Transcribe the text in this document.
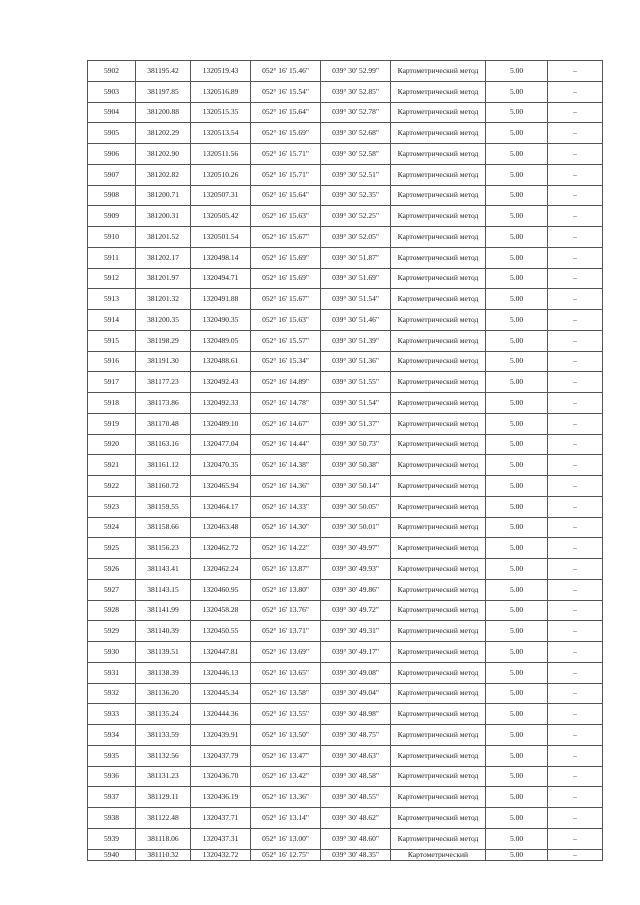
5902	381195.42	1320519.43	052° 16' 15.46"	039° 30' 52.99"	Картометрический метод	5.00	–
5903	381197.85	1320516.89	052° 16' 15.54"	039° 30' 52.85"	Картометрический метод	5.00	–
5904	381200.88	1320515.35	052° 16' 15.64"	039° 30' 52.78"	Картометрический метод	5.00	–
5905	381202.29	1320513.54	052° 16' 15.69"	039° 30' 52.68"	Картометрический метод	5.00	–
5906	381202.90	1320511.56	052° 16' 15.71"	039° 30' 52.58"	Картометрический метод	5.00	–
5907	381202.82	1320510.26	052° 16' 15.71"	039° 30' 52.51"	Картометрический метод	5.00	–
5908	381200.71	1320507.31	052° 16' 15.64"	039° 30' 52.35"	Картометрический метод	5.00	–
5909	381200.31	1320505.42	052° 16' 15.63"	039° 30' 52.25"	Картометрический метод	5.00	–
5910	381201.52	1320501.54	052° 16' 15.67"	039° 30' 52.05"	Картометрический метод	5.00	–
5911	381202.17	1320498.14	052° 16' 15.69"	039° 30' 51.87"	Картометрический метод	5.00	–
5912	381201.97	1320494.71	052° 16' 15.69"	039° 30' 51.69"	Картометрический метод	5.00	–
5913	381201.32	1320491.88	052° 16' 15.67"	039° 30' 51.54"	Картометрический метод	5.00	–
5914	381200.35	1320490.35	052° 16' 15.63"	039° 30' 51.46"	Картометрический метод	5.00	–
5915	381198.29	1320489.05	052° 16' 15.57"	039° 30' 51.39"	Картометрический метод	5.00	–
5916	381191.30	1320488.61	052° 16' 15.34"	039° 30' 51.36"	Картометрический метод	5.00	–
5917	381177.23	1320492.43	052° 16' 14.89"	039° 30' 51.55"	Картометрический метод	5.00	–
5918	381173.86	1320492.33	052° 16' 14.78"	039° 30' 51.54"	Картометрический метод	5.00	–
5919	381170.48	1320489.10	052° 16' 14.67"	039° 30' 51.37"	Картометрический метод	5.00	–
5920	381163.16	1320477.04	052° 16' 14.44"	039° 30' 50.73"	Картометрический метод	5.00	–
5921	381161.12	1320470.35	052° 16' 14.38"	039° 30' 50.38"	Картометрический метод	5.00	–
5922	381160.72	1320465.94	052° 16' 14.36"	039° 30' 50.14"	Картометрический метод	5.00	–
5923	381159.55	1320464.17	052° 16' 14.33"	039° 30' 50.05"	Картометрический метод	5.00	–
5924	381158.66	1320463.48	052° 16' 14.30"	039° 30' 50.01"	Картометрический метод	5.00	–
5925	381156.23	1320462.72	052° 16' 14.22"	039° 30' 49.97"	Картометрический метод	5.00	–
5926	381143.41	1320462.24	052° 16' 13.87"	039° 30' 49.93"	Картометрический метод	5.00	–
5927	381143.15	1320460.95	052° 16' 13.80"	039° 30' 49.86"	Картометрический метод	5.00	–
5928	381141.99	1320458.28	052° 16' 13.76"	039° 30' 49.72"	Картометрический метод	5.00	–
5929	381140.39	1320450.55	052° 16' 13.71"	039° 30' 49.31"	Картометрический метод	5.00	–
5930	381139.51	1320447.81	052° 16' 13.69"	039° 30' 49.17"	Картометрический метод	5.00	–
5931	381138.39	1320446.13	052° 16' 13.65"	039° 30' 49.08"	Картометрический метод	5.00	–
5932	381136.20	1320445.34	052° 16' 13.58"	039° 30' 49.04"	Картометрический метод	5.00	–
5933	381135.24	1320444.36	052° 16' 13.55"	039° 30' 48.98"	Картометрический метод	5.00	–
5934	381133.59	1320439.91	052° 16' 13.50"	039° 30' 48.75"	Картометрический метод	5.00	–
5935	381132.56	1320437.79	052° 16' 13.47"	039° 30' 48.63"	Картометрический метод	5.00	–
5936	381131.23	1320436.70	052° 16' 13.42"	039° 30' 48.58"	Картометрический метод	5.00	–
5937	381129.11	1320436.19	052° 16' 13.36"	039° 30' 48.55"	Картометрический метод	5.00	–
5938	381122.48	1320437.71	052° 16' 13.14"	039° 30' 48.62"	Картометрический метод	5.00	–
5939	381118.06	1320437.31	052° 16' 13.00"	039° 30' 48.60"	Картометрический метод	5.00	–
5940	381110.32	1320432.72	052° 16' 12.75"	039° 30' 48.35"	Картометрический	5.00	–
